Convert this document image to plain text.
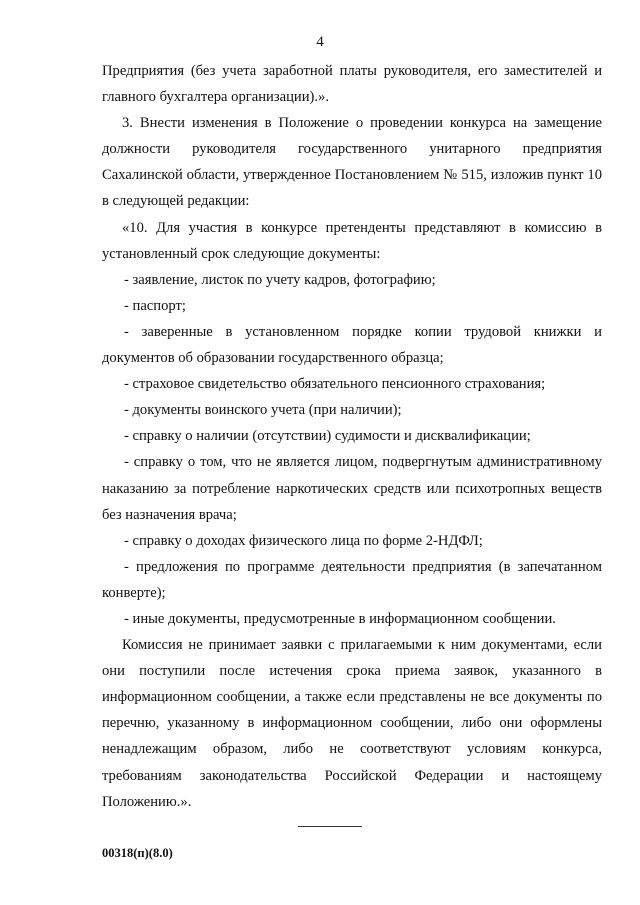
4

Предприятия (без учета заработной платы руководителя, его заместителей и главного бухгалтера организации).».

3. Внести изменения в Положение о проведении конкурса на замещение должности руководителя государственного унитарного предприятия Сахалинской области, утвержденное Постановлением № 515, изложив пункт 10 в следующей редакции:

«10. Для участия в конкурсе претенденты представляют в комиссию в установленный срок следующие документы:

- заявление, листок по учету кадров, фотографию;

- паспорт;

- заверенные в установленном порядке копии трудовой книжки и документов об образовании государственного образца;

- страховое свидетельство обязательного пенсионного страхования;

- документы воинского учета (при наличии);

- справку о наличии (отсутствии) судимости и дисквалификации;

- справку о том, что не является лицом, подвергнутым административному наказанию за потребление наркотических средств или психотропных веществ без назначения врача;

- справку о доходах физического лица по форме 2-НДФЛ;

- предложения по программе деятельности предприятия (в запечатанном конверте);

- иные документы, предусмотренные в информационном сообщении.

Комиссия не принимает заявки с прилагаемыми к ним документами, если они поступили после истечения срока приема заявок, указанного в информационном сообщении, а также если представлены не все документы по перечню, указанному в информационном сообщении, либо они оформлены ненадлежащим образом, либо не соответствуют условиям конкурса, требованиям законодательства Российской Федерации и настоящему Положению.».

00318(п)(8.0)
